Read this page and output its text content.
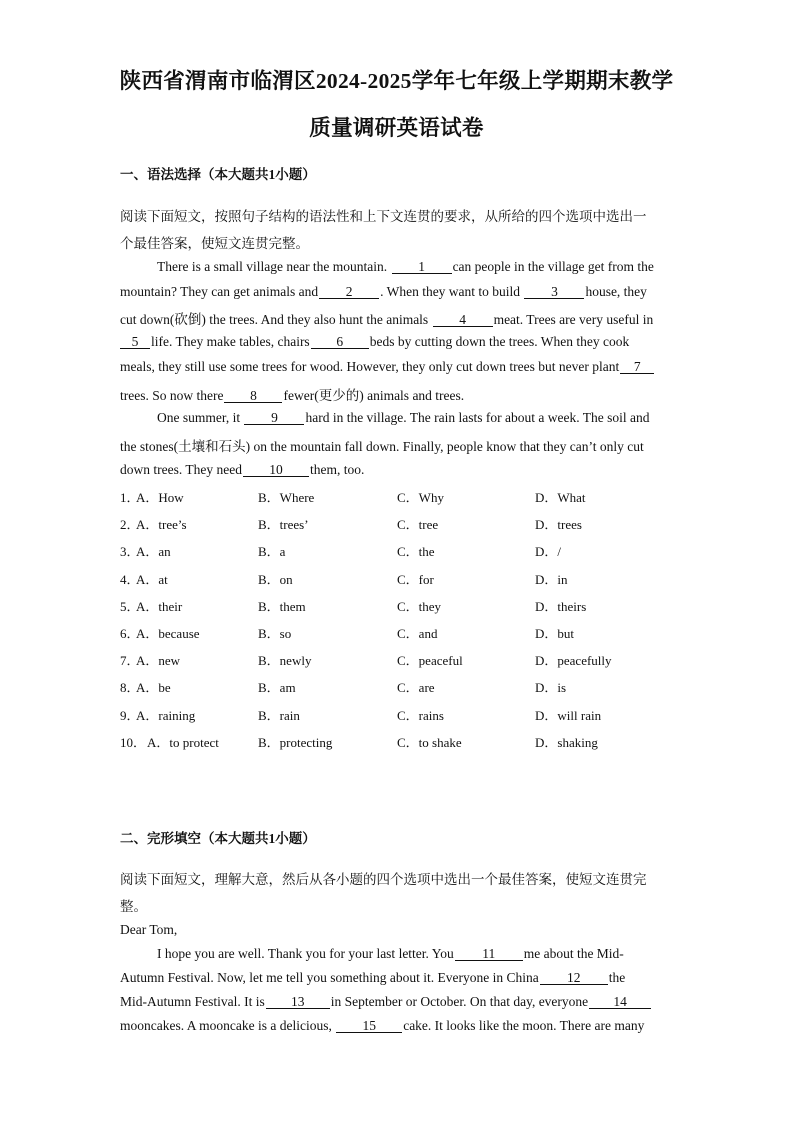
陕西省渭南市临渭区2024-2025学年七年级上学期期末教学
质量调研英语试卷
一、语法选择（本大题共1小题）
阅读下面短文，按照句子结构的语法性和上下文连贯的要求，从所给的四个选项中选出一
个最佳答案，使短文连贯完整。
There is a small village near the mountain. 1 can people in the village get from the
mountain? They can get animals and 2 . When they want to build 3 house, they
cut down(砍倒) the trees. And they also hunt the animals 4 meat. Trees are very useful in
5 life. They make tables, chairs 6 beds by cutting down the trees. When they cook
meals, they still use some trees for wood. However, they only cut down trees but never plant 7
trees. So now there 8 fewer(更少的) animals and trees.
One summer, it 9 hard in the village. The rain lasts for about a week. The soil and
the stones(土壤和石头) on the mountain fall down. Finally, people know that they can’t only cut
down trees. They need 10 them, too.
1．
A．How	B．Where	C．Why	D．What
2．
A．tree’s	B．trees’	C．tree	D．trees
3．
A．an	B．a	C．the	D．/
4．
A．at	B．on	C．for	D．in
5．
A．their	B．them	C．they	D．theirs
6．
A．because	B．so	C．and	D．but
7．
A．new	B．newly	C．peaceful	D．peacefully
8．
A．be	B．am	C．are	D．is
9．
A．raining	B．rain	C．rains	D．will rain
10． A．to protect	B．protecting	C．to shake	D．shaking
二、完形填空（本大题共1小题）
阅读下面短文，理解大意，然后从各小题的四个选项中选出一个最佳答案，使短文连贯完
整。
Dear Tom,
I hope you are well. Thank you for your last letter. You 11 me about the Mid-
Autumn Festival. Now, let me tell you something about it. Everyone in China 12 the
Mid-Autumn Festival. It is 13 in September or October. On that day, everyone 14
mooncakes. A mooncake is a delicious, 15 cake. It looks like the moon. There are many
